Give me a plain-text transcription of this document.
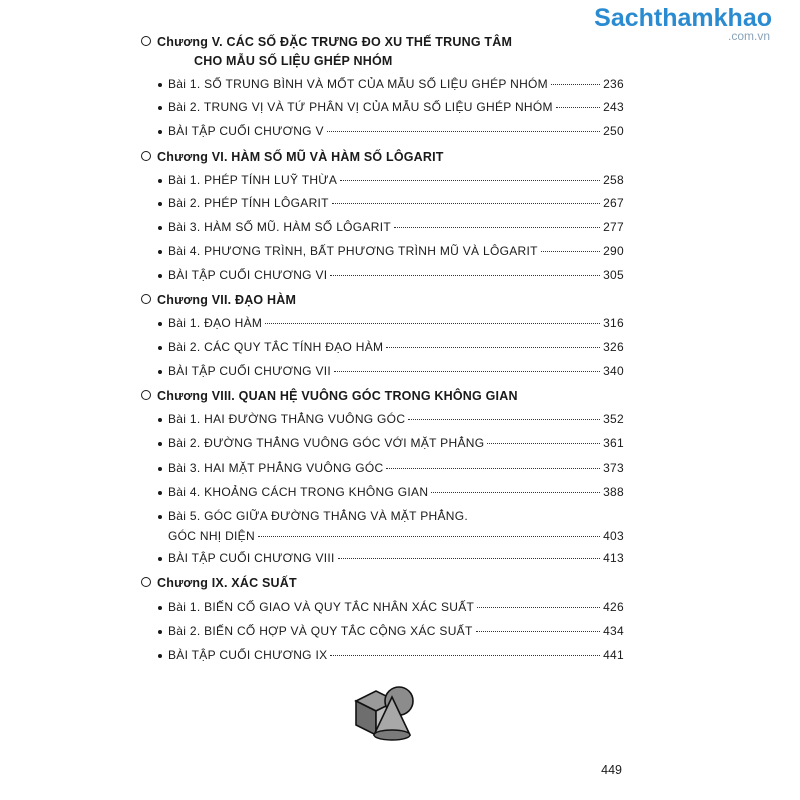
Sachthamkhao
.com.vn
Chương V. CÁC SỐ ĐẶC TRƯNG ĐO XU THẾ TRUNG TÂM
CHO MẪU SỐ LIỆU GHÉP NHÓM
Bài 1. SỐ TRUNG BÌNH VÀ MỐT CỦA MẪU SỐ LIỆU GHÉP NHÓM	236
Bài 2. TRUNG VỊ VÀ TỨ PHÂN VỊ CỦA MẪU SỐ LIỆU GHÉP NHÓM	243
BÀI TẬP CUỐI CHƯƠNG V	250
Chương VI. HÀM SỐ MŨ VÀ HÀM SỐ LÔGARIT
Bài 1. PHÉP TÍNH LUỸ THỪA	258
Bài 2. PHÉP TÍNH LÔGARIT	267
Bài 3. HÀM SỐ MŨ. HÀM SỐ LÔGARIT	277
Bài 4. PHƯƠNG TRÌNH, BẤT PHƯƠNG TRÌNH MŨ VÀ LÔGARIT	290
BÀI TẬP CUỐI CHƯƠNG VI	305
Chương VII. ĐẠO HÀM
Bài 1. ĐẠO HÀM	316
Bài 2. CÁC QUY TẮC TÍNH ĐẠO HÀM	326
BÀI TẬP CUỐI CHƯƠNG VII	340
Chương VIII. QUAN HỆ VUÔNG GÓC TRONG KHÔNG GIAN
Bài 1. HAI ĐƯỜNG THẲNG VUÔNG GÓC	352
Bài 2. ĐƯỜNG THẲNG VUÔNG GÓC VỚI MẶT PHẲNG	361
Bài 3. HAI MẶT PHẲNG VUÔNG GÓC	373
Bài 4. KHOẢNG CÁCH TRONG KHÔNG GIAN	388
Bài 5. GÓC GIỮA ĐƯỜNG THẲNG VÀ MẶT PHẲNG.
GÓC NHỊ DIỆN	403
BÀI TẬP CUỐI CHƯƠNG VIII	413
Chương IX. XÁC SUẤT
Bài 1. BIẾN CỐ GIAO VÀ QUY TẮC NHÂN XÁC SUẤT	426
Bài 2. BIẾN CỐ HỢP VÀ QUY TẮC CỘNG XÁC SUẤT	434
BÀI TẬP CUỐI CHƯƠNG IX	441
449
